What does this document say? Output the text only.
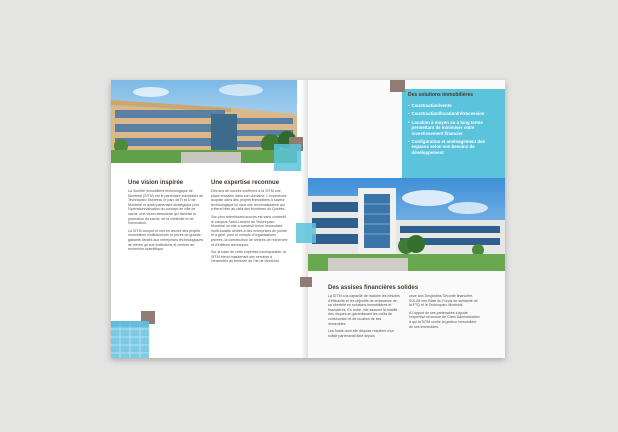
Une vision inspirée

La Société immobilière technologique de Montréal (SITM) est le partenaire immobilier de Technoparc Montréal, le parc de R et D de Montréal et aussi partenaire stratégique pour l'opérationnalisation du concept de ville de savoir, une vision stimulante qui favorise le promotion du savoir, de la créativité et de l'innovation.

La SITM conçoit et met en œuvre des projets immobiliers institutionnels et privés de grande gabarits dédiés aux entreprises technologiques de même qu'aux institutions et centres de recherche scientifique.

Une expertise reconnue

Dès ans de succès confèrent à la SITM une place enviable dans son domaine. L'expérience acquise dans des projets immobiliers à saveur technologique lui vaut une reconnaissance qui s'étend bien au-delà des frontières du Québec.

Son plus retentissant succès est sans contredit le campus Saint-Laurent du Technoparc Montréal où elle a construit treize immeubles multi-locatifs dédiés à des entreprises de pointe et a géré, pour le compte d'organisations privées, la construction de centres de recherche et d'édifices techniques.

Sur la base de cette expertise incomparable, la SITM étend maintenant ses services à l'ensemble du territoire de l'île de Montréal.

Des solutions immobilières
• Construction/vente
• Construction/location/rétrocession
• Location à moyen ou à long terme permettant de minimiser votre investissement financier
• Configuration et aménagement des espaces selon vos besoins de développement
Des assises financières solides

La SITM a la capacité de traduire les besoins d'efficacité et les objectifs de croissance de sa clientèle en solutions immobilières et financières. En outre, elle assume la totalité des risques en garantissant les coûts de construction et de location de ses immeubles.

Les fonds dont elle dispose résultent d'un solide partenariat liant depuis

onze ans Desjardins Sécurité financière, SOLIM une filiale du Fonds de solidarité de la FTQ et le Technoparc Montréal.

À l'apport de ses partenaires s'ajoute l'expertise reconnue de Cisec Administration à qui la SITM confie la gestion immobilière de ses immeubles.
